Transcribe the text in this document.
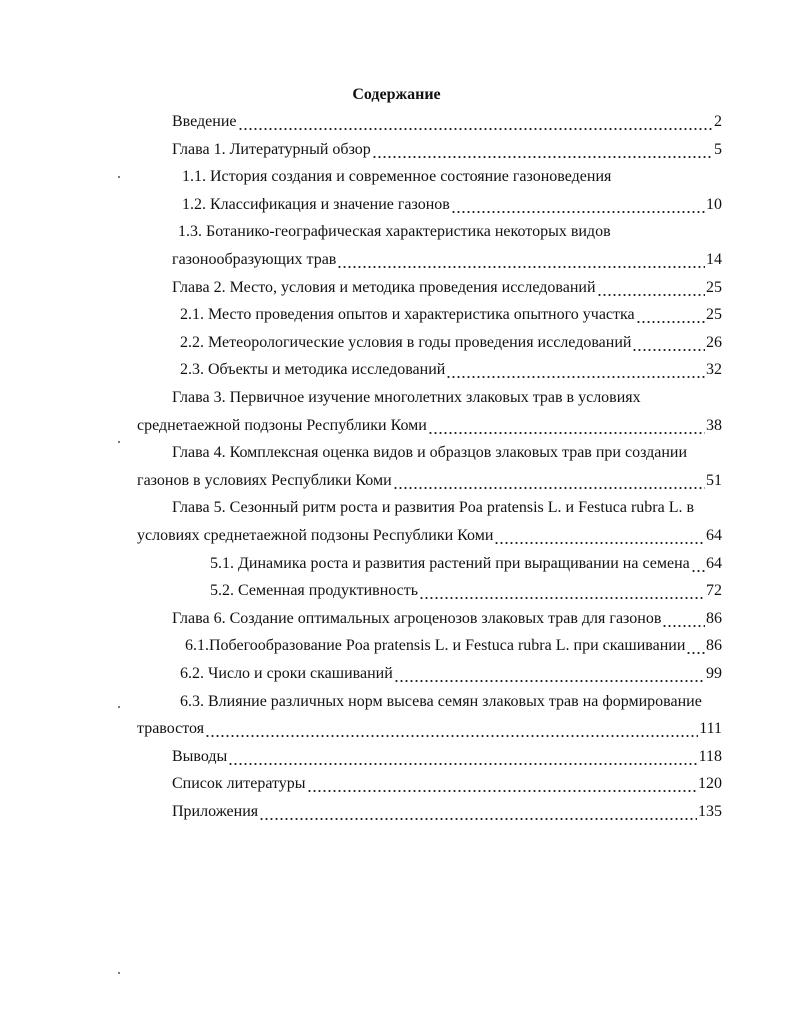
Содержание
Введение	2
Глава 1. Литературный обзор	5
1.1. История создания и современное состояние газоноведения
1.2. Классификация и значение газонов	10
1.3. Ботанико-географическая характеристика некоторых видов
газонообразующих трав	14
Глава 2. Место, условия и методика проведения исследований	25
2.1. Место проведения опытов и характеристика опытного участка	25
2.2. Метеорологические условия в годы проведения исследований	26
2.3. Объекты и методика исследований	32
Глава 3. Первичное изучение многолетних злаковых трав в условиях
среднетаежной подзоны Республики Коми	38
Глава 4. Комплексная оценка видов и образцов злаковых трав при создании
газонов в условиях Республики Коми	51
Глава 5. Сезонный ритм роста и развития Poa pratensis L. и Festuca rubra L. в
условиях среднетаежной подзоны Республики Коми	64
5.1. Динамика роста и развития растений при выращивании на семена 64
5.2. Семенная продуктивность	72
Глава 6. Создание оптимальных агроценозов злаковых трав для газонов	86
6.1.Побегообразование Poa pratensis L. и Festuca rubra L. при скашивании 86
6.2. Число и сроки скашиваний	99
6.3. Влияние различных норм высева семян злаковых трав на формирование
травостоя	111
Выводы	118
Список литературы	120
Приложения	135
